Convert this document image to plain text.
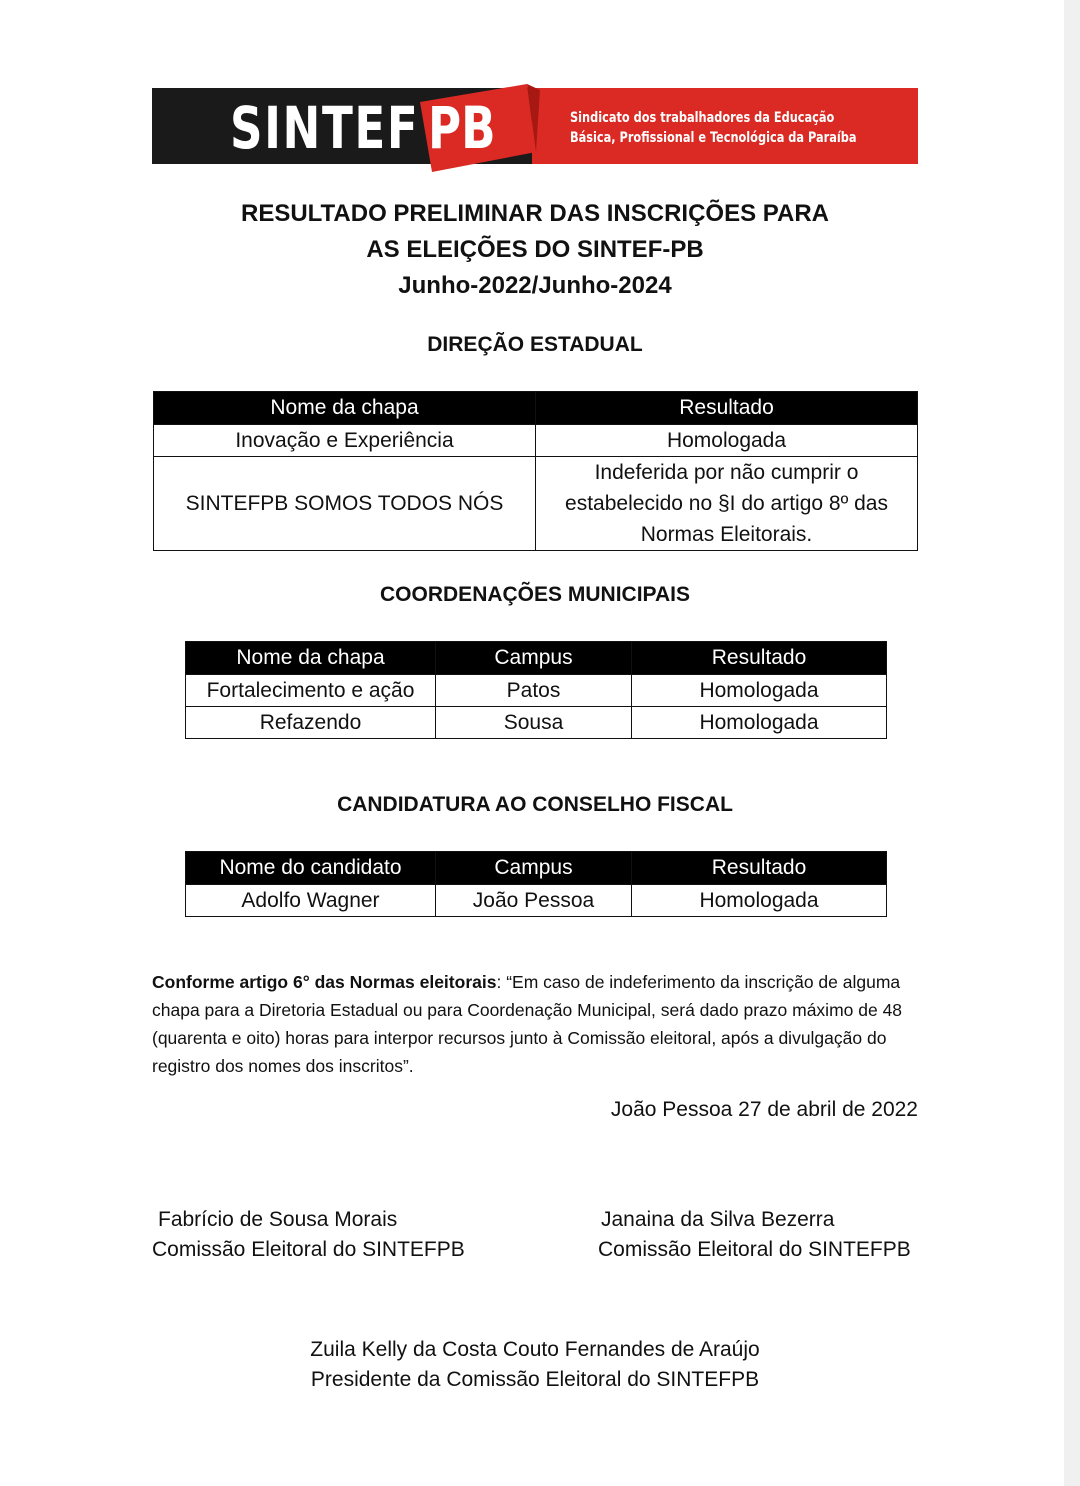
SINTEF PB	Sindicato dos trabalhadores da Educação
Básica, Profissional e Tecnológica da Paraíba
RESULTADO PRELIMINAR DAS INSCRIÇÕES PARA
AS ELEIÇÕES DO SINTEF-PB
Junho-2022/Junho-2024
DIREÇÃO ESTADUAL
Nome da chapa	Resultado
Inovação e Experiência	Homologada
SINTEFPB SOMOS TODOS NÓS	Indeferida por não cumprir o
estabelecido no §I do artigo 8º das
Normas Eleitorais.
COORDENAÇÕES MUNICIPAIS
Nome da chapa	Campus	Resultado
Fortalecimento e ação	Patos	Homologada
Refazendo	Sousa	Homologada
CANDIDATURA AO CONSELHO FISCAL
Nome do candidato	Campus	Resultado
Adolfo Wagner	João Pessoa	Homologada
Conforme artigo 6° das Normas eleitorais: “Em caso de indeferimento da inscrição de alguma chapa para a Diretoria Estadual ou para Coordenação Municipal, será dado prazo máximo de 48 (quarenta e oito) horas para interpor recursos junto à Comissão eleitoral, após a divulgação do registro dos nomes dos inscritos”.
João Pessoa 27 de abril de 2022
Fabrício de Sousa Morais
Comissão Eleitoral do SINTEFPB
Janaina da Silva Bezerra
Comissão Eleitoral do SINTEFPB
Zuila Kelly da Costa Couto Fernandes de Araújo
Presidente da Comissão Eleitoral do SINTEFPB
